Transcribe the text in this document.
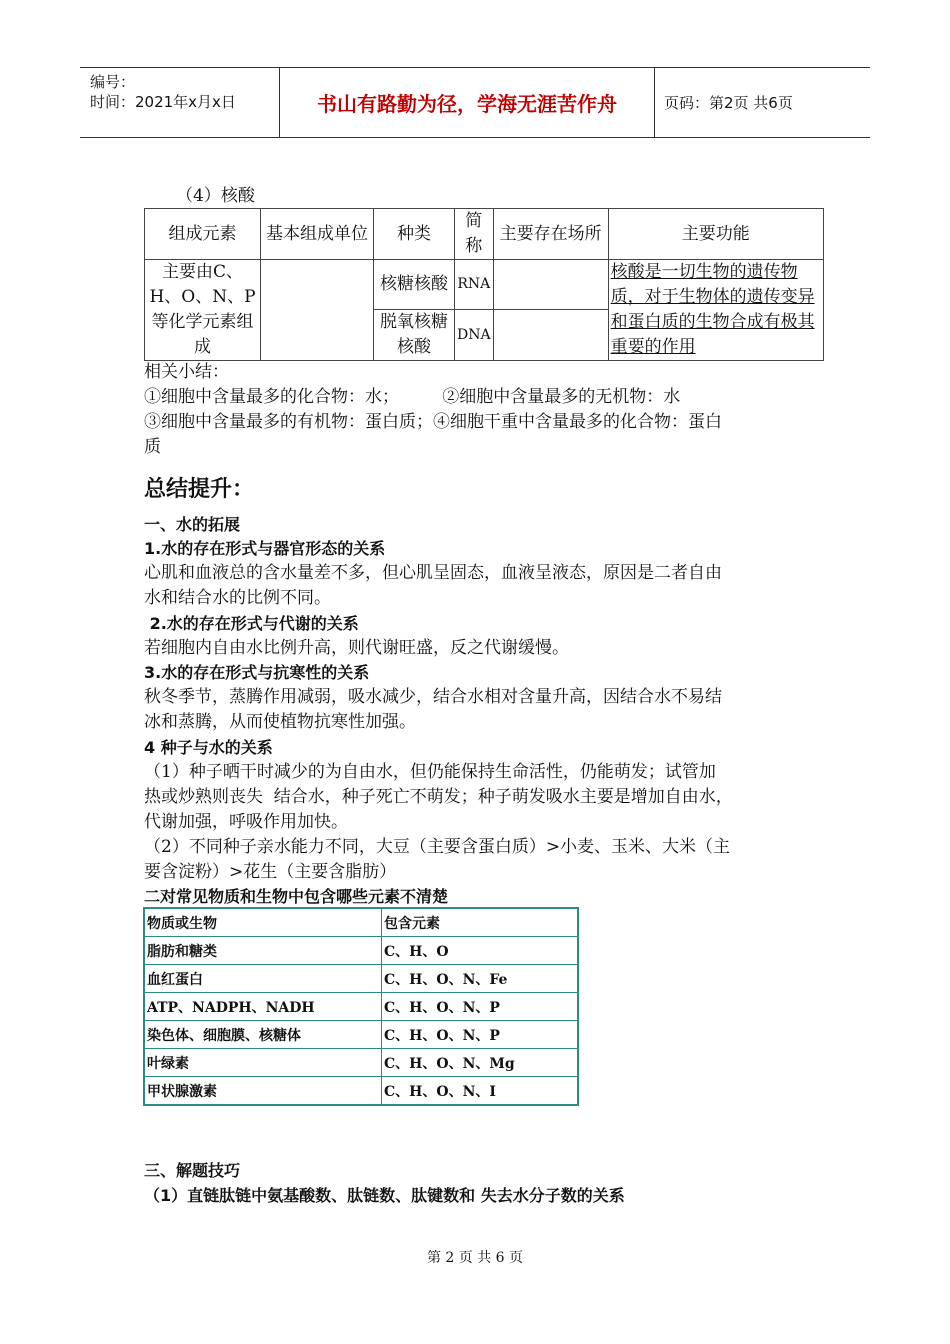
编号：
时间：2021年x月x日	书山有路勤为径，学海无涯苦作舟	页码：第2页 共6页
（4）核酸
组成元素	基本组成单位	种类	简称	主要存在场所	主要功能
主要由C、H、O、N、P等化学元素组成		核糖核酸	RNA		核酸是一切生物的遗传物质，对于生物体的遗传变异和蛋白质的生物合成有极其重要的作用
		脱氧核糖核酸	DNA		
相关小结：
①细胞中含量最多的化合物：水；        ②细胞中含量最多的无机物：水
③细胞中含量最多的有机物：蛋白质；④细胞干重中含量最多的化合物：蛋白
质
总结提升：
一、水的拓展
1.水的存在形式与器官形态的关系
心肌和血液总的含水量差不多，但心肌呈固态，血液呈液态，原因是二者自由
水和结合水的比例不同。
2.水的存在形式与代谢的关系
若细胞内自由水比例升高，则代谢旺盛，反之代谢缓慢。
3.水的存在形式与抗寒性的关系
秋冬季节，蒸腾作用减弱，吸水减少，结合水相对含量升高，因结合水不易结
冰和蒸腾，从而使植物抗寒性加强。
4 种子与水的关系
（1）种子晒干时减少的为自由水，但仍能保持生命活性，仍能萌发；试管加
热或炒熟则丧失  结合水，种子死亡不萌发；种子萌发吸水主要是增加自由水，
代谢加强，呼吸作用加快。
（2）不同种子亲水能力不同，大豆（主要含蛋白质）>小麦、玉米、大米（主
要含淀粉）>花生（主要含脂肪）
二对常见物质和生物中包含哪些元素不清楚
物质或生物	包含元素
脂肪和糖类	C、H、O
血红蛋白	C、H、O、N、Fe
ATP、NADPH、NADH	C、H、O、N、P
染色体、细胞膜、核糖体	C、H、O、N、P
叶绿素	C、H、O、N、Mg
甲状腺激素	C、H、O、N、Ⅰ
三、解题技巧
（1）直链肽链中氨基酸数、肽链数、肽键数和 失去水分子数的关系
第 2 页 共 6 页
